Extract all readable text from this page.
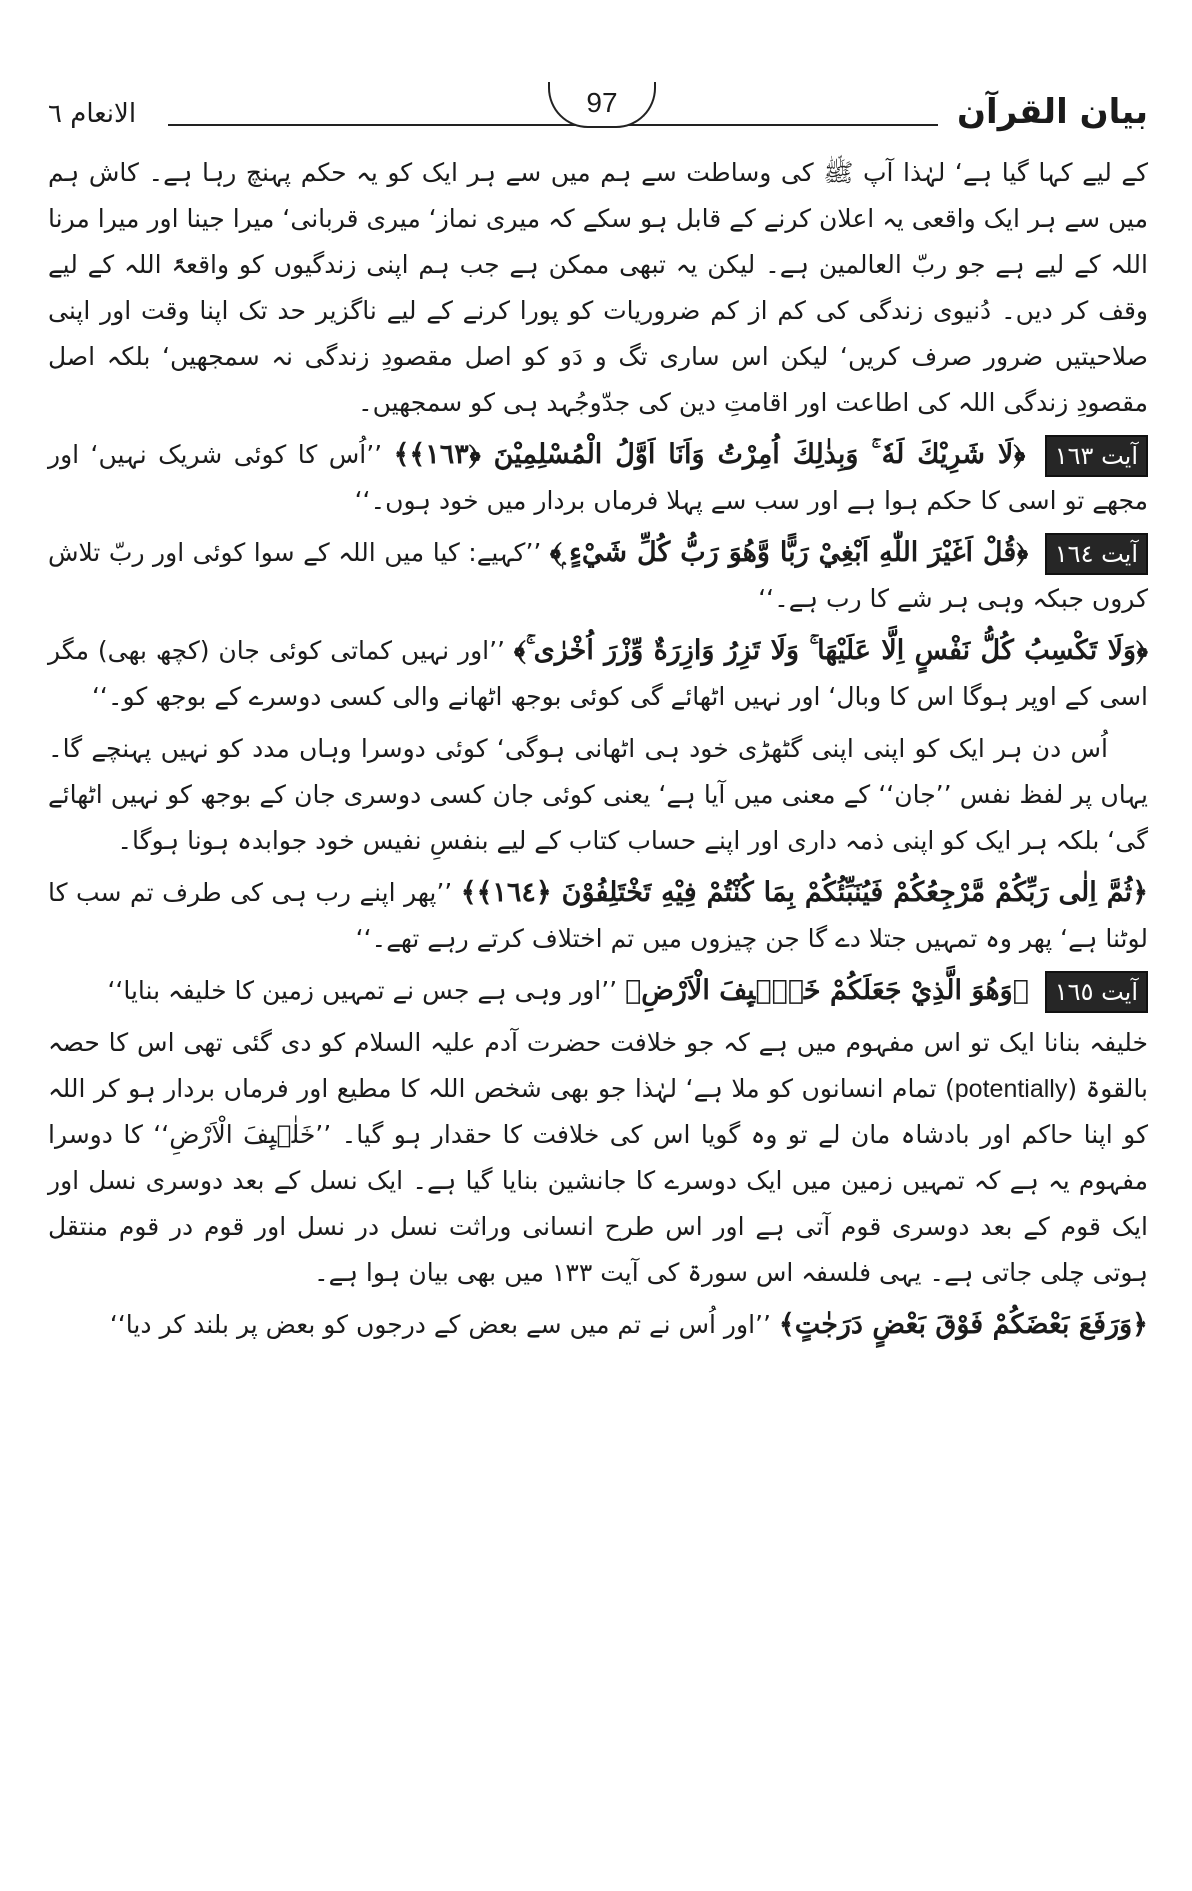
بیان القرآن
97
الانعام ٦

کے لیے کہا گیا ہے‘ لہٰذا آپ ﷺ کی وساطت سے ہم میں سے ہر ایک کو یہ حکم پہنچ رہا ہے۔ کاش ہم میں سے ہر ایک واقعی یہ اعلان کرنے کے قابل ہو سکے کہ میری نماز‘ میری قربانی‘ میرا جینا اور میرا مرنا اللہ کے لیے ہے جو ربّ العالمین ہے۔ لیکن یہ تبھی ممکن ہے جب ہم اپنی زندگیوں کو واقعۃً اللہ کے لیے وقف کر دیں۔ دُنیوی زندگی کی کم از کم ضروریات کو پورا کرنے کے لیے ناگزیر حد تک اپنا وقت اور اپنی صلاحیتیں ضرور صرف کریں‘ لیکن اس ساری تگ و دَو کو اصل مقصودِ زندگی نہ سمجھیں‘ بلکہ اصل مقصودِ زندگی اللہ کی اطاعت اور اقامتِ دین کی جدّوجُہد ہی کو سمجھیں۔

آیت ١٦٣ ﴿لَا شَرِيْكَ لَهٗ ۚ وَبِذٰلِكَ اُمِرْتُ وَاَنَا اَوَّلُ الْمُسْلِمِيْنَ ﴿١٦٣﴾﴾ ’’اُس کا کوئی شریک نہیں‘ اور مجھے تو اسی کا حکم ہوا ہے اور سب سے پہلا فرماں بردار میں خود ہوں۔‘‘
آیت ١٦٤ ﴿قُلْ اَغَيْرَ اللّٰهِ اَبْغِيْ رَبًّا وَّهُوَ رَبُّ كُلِّ شَيْءٍ ۭ﴾ ’’کہیے: کیا میں اللہ کے سوا کوئی اور ربّ تلاش کروں جبکہ وہی ہر شے کا رب ہے۔‘‘
﴿وَلَا تَكْسِبُ كُلُّ نَفْسٍ اِلَّا عَلَيْهَا ۚ وَلَا تَزِرُ وَازِرَةٌ وِّزْرَ اُخْرٰى ۚ﴾ ’’اور نہیں کماتی کوئی جان (کچھ بھی) مگر اسی کے اوپر ہوگا اس کا وبال‘ اور نہیں اٹھائے گی کوئی بوجھ اٹھانے والی کسی دوسرے کے بوجھ کو۔‘‘

اُس دن ہر ایک کو اپنی اپنی گٹھڑی خود ہی اٹھانی ہوگی‘ کوئی دوسرا وہاں مدد کو نہیں پہنچے گا۔ یہاں پر لفظ نفس ’’جان‘‘ کے معنی میں آیا ہے‘ یعنی کوئی جان کسی دوسری جان کے بوجھ کو نہیں اٹھائے گی‘ بلکہ ہر ایک کو اپنی ذمہ داری اور اپنے حساب کتاب کے لیے بنفسِ نفیس خود جوابدہ ہونا ہوگا۔

﴿ثُمَّ اِلٰى رَبِّكُمْ مَّرْجِعُكُمْ فَيُنَبِّئُكُمْ بِمَا كُنْتُمْ فِيْهِ تَخْتَلِفُوْنَ ﴿١٦٤﴾﴾ ’’پھر اپنے رب ہی کی طرف تم سب کا لوٹنا ہے‘ پھر وہ تمہیں جتلا دے گا جن چیزوں میں تم اختلاف کرتے رہے تھے۔‘‘
آیت ١٦٥ ﴿وَهُوَ الَّذِيْ جَعَلَكُمْ خَلٰۗىِٕفَ الْاَرْضِ﴾ ’’اور وہی ہے جس نے تمہیں زمین کا خلیفہ بنایا‘‘

خلیفہ بنانا ایک تو اس مفہوم میں ہے کہ جو خلافت حضرت آدم علیہ السلام کو دی گئی تھی اس کا حصہ بالقوۃ (potentially) تمام انسانوں کو ملا ہے‘ لہٰذا جو بھی شخص اللہ کا مطیع اور فرماں بردار ہو کر اللہ کو اپنا حاکم اور بادشاہ مان لے تو وہ گویا اس کی خلافت کا حقدار ہو گیا۔ ’’خَلٰۗىِٕفَ الْاَرْضِ‘‘ کا دوسرا مفہوم یہ ہے کہ تمہیں زمین میں ایک دوسرے کا جانشین بنایا گیا ہے۔ ایک نسل کے بعد دوسری نسل اور ایک قوم کے بعد دوسری قوم آتی ہے اور اس طرح انسانی وراثت نسل در نسل اور قوم در قوم منتقل ہوتی چلی جاتی ہے۔ یہی فلسفہ اس سورۃ کی آیت ١٣٣ میں بھی بیان ہوا ہے۔

﴿وَرَفَعَ بَعْضَكُمْ فَوْقَ بَعْضٍ دَرَجٰتٍ﴾ ’’اور اُس نے تم میں سے بعض کے درجوں کو بعض پر بلند کر دیا‘‘
